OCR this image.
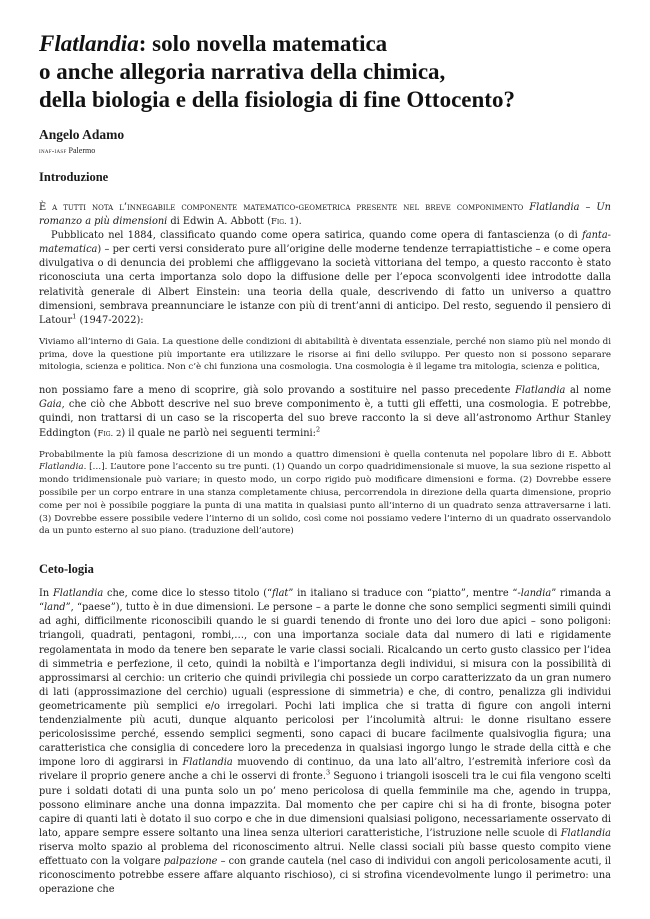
Flatlandia: solo novella matematica
o anche allegoria narrativa della chimica,
della biologia e della fisiologia di fine Ottocento?
Angelo Adamo
inaf-iasf Palermo
Introduzione

È a tutti nota l’innegabile componente matematico-geometrica presente nel breve componimento Flatlandia – Un romanzo a più dimensioni di Edwin A. Abbott (Fig. 1).

Pubblicato nel 1884, classificato quando come opera satirica, quando come opera di fantascienza (o di fanta-matematica) – per certi versi considerato pure all’origine delle moderne tendenze terrapiattistiche – e come opera divulgativa o di denuncia dei problemi che affliggevano la società vittoriana del tempo, a questo racconto è stato riconosciuta una certa importanza solo dopo la diffusione delle per l’epoca sconvolgenti idee introdotte dalla relatività generale di Albert Einstein: una teoria della quale, descrivendo di fatto un universo a quattro dimensioni, sembrava preannunciare le istanze con più di trent’anni di anticipo. Del resto, seguendo il pensiero di Latour$^1$ (1947-2022):

Viviamo all’interno di Gaia. La questione delle condizioni di abitabilità è diventata essenziale, perché non siamo più nel mondo di prima, dove la questione più importante era utilizzare le risorse ai fini dello sviluppo. Per questo non si possono separare mitologia, scienza e politica. Non c’è chi funziona una cosmologia. Una cosmologia è il legame tra mitologia, scienza e politica,

non possiamo fare a meno di scoprire, già solo provando a sostituire nel passo precedente Flatlandia al nome Gaia, che ciò che Abbott descrive nel suo breve componimento è, a tutti gli effetti, una cosmologia. E potrebbe, quindi, non trattarsi di un caso se la riscoperta del suo breve racconto la si deve all’astronomo Arthur Stanley Eddington (Fig. 2) il quale ne parlò nei seguenti termini:$^2$

Probabilmente la più famosa descrizione di un mondo a quattro dimensioni è quella contenuta nel popolare libro di E. Abbott Flatlandia. […]. L’autore pone l’accento su tre punti. (1) Quando un corpo quadridimensionale si muove, la sua sezione rispetto al mondo tridimensionale può variare; in questo modo, un corpo rigido può modificare dimensioni e forma. (2) Dovrebbe essere possibile per un corpo entrare in una stanza completamente chiusa, percorrendola in direzione della quarta dimensione, proprio come per noi è possibile poggiare la punta di una matita in qualsiasi punto all’interno di un quadrato senza attraversarne i lati. (3) Dovrebbe essere possibile vedere l’interno di un solido, così come noi possiamo vedere l’interno di un quadrato osservandolo da un punto esterno al suo piano. (traduzione dell’autore)
Ceto-logia

In Flatlandia che, come dice lo stesso titolo (“flat” in italiano si traduce con “piatto”, mentre “-landia” rimanda a “land”, “paese”), tutto è in due dimensioni. Le persone – a parte le donne che sono semplici segmenti simili quindi ad aghi, difficilmente riconoscibili quando le si guardi tenendo di fronte uno dei loro due apici – sono poligoni: triangoli, quadrati, pentagoni, rombi,…, con una importanza sociale data dal numero di lati e rigidamente regolamentata in modo da tenere ben separate le varie classi sociali. Ricalcando un certo gusto classico per l’idea di simmetria e perfezione, il ceto, quindi la nobiltà e l’importanza degli individui, si misura con la possibilità di approssimarsi al cerchio: un criterio che quindi privilegia chi possiede un corpo caratterizzato da un gran numero di lati (approssimazione del cerchio) uguali (espressione di simmetria) e che, di contro, penalizza gli individui geometricamente più semplici e/o irregolari. Pochi lati implica che si tratta di figure con angoli interni tendenzialmente più acuti, dunque alquanto pericolosi per l’incolumità altrui: le donne risultano essere pericolosissime perché, essendo semplici segmenti, sono capaci di bucare facilmente qualsivoglia figura; una caratteristica che consiglia di concedere loro la precedenza in qualsiasi ingorgo lungo le strade della città e che impone loro di aggirarsi in Flatlandia muovendo di continuo, da una lato all’altro, l’estremità inferiore così da rivelare il proprio genere anche a chi le osservi di fronte.$^3$ Seguono i triangoli isosceli tra le cui fila vengono scelti pure i soldati dotati di una punta solo un po’ meno pericolosa di quella femminile ma che, agendo in truppa, possono eliminare anche una donna impazzita. Dal momento che per capire chi si ha di fronte, bisogna poter capire di quanti lati è dotato il suo corpo e che in due dimensioni qualsiasi poligono, necessariamente osservato di lato, appare sempre essere soltanto una linea senza ulteriori caratteristiche, l’istruzione nelle scuole di Flatlandia riserva molto spazio al problema del riconoscimento altrui. Nelle classi sociali più basse questo compito viene effettuato con la volgare palpazione – con grande cautela (nel caso di individui con angoli pericolosamente acuti, il riconoscimento potrebbe essere affare alquanto rischioso), ci si strofina vicendevolmente lungo il perimetro: una operazione che
